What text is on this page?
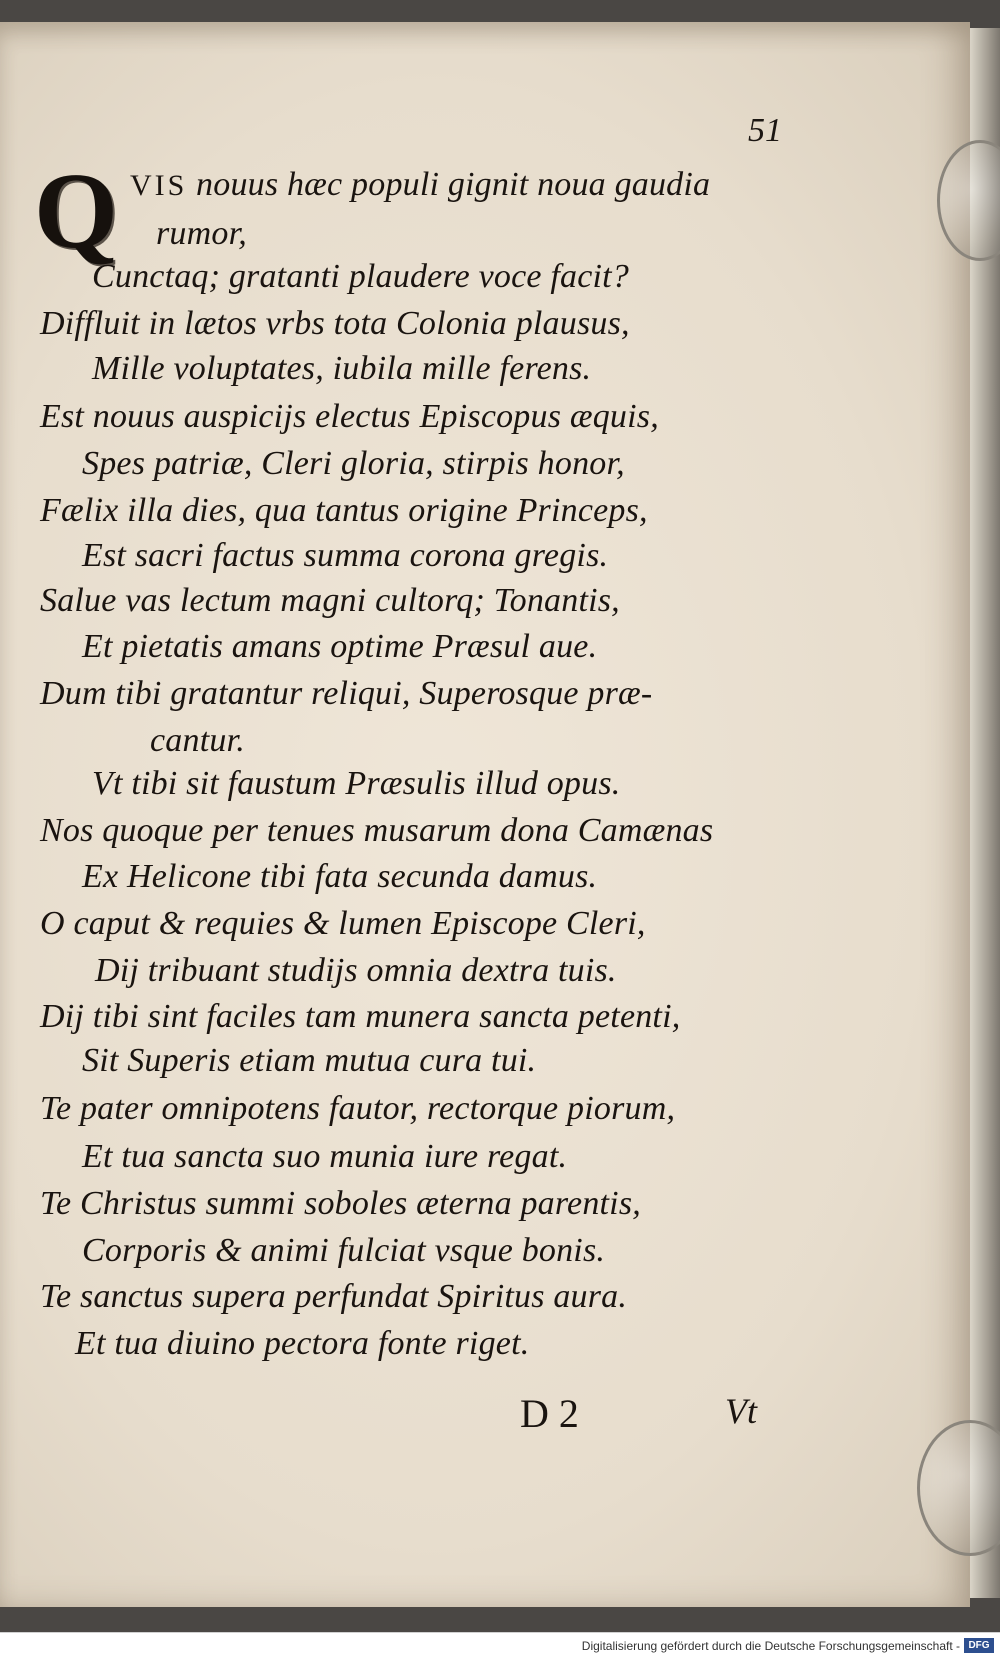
51
Q VIS nouus hæc populi gignit noua gaudia
rumor,
Cunctaq; gratanti plaudere voce facit?
Diffluit in lætos vrbs tota Colonia plausus,
Mille voluptates, iubila mille ferens.
Est nouus auspicijs electus Episcopus æquis,
Spes patriæ, Cleri gloria, stirpis honor,
Fælix illa dies, qua tantus origine Princeps,
Est sacri factus summa corona gregis.
Salue vas lectum magni cultorq; Tonantis,
Et pietatis amans optime Præsul aue.
Dum tibi gratantur reliqui, Superosque præ-
cantur.
Vt tibi sit faustum Præsulis illud opus.
Nos quoque per tenues musarum dona Camænas
Ex Helicone tibi fata secunda damus.
O caput & requies & lumen Episcope Cleri,
Dij tribuant studijs omnia dextra tuis.
Dij tibi sint faciles tam munera sancta petenti,
Sit Superis etiam mutua cura tui.
Te pater omnipotens fautor, rectorque piorum,
Et tua sancta suo munia iure regat.
Te Christus summi soboles æterna parentis,
Corporis & animi fulciat vsque bonis.
Te sanctus supera perfundat Spiritus aura.
Et tua diuino pectora fonte riget.
D 2	Vt
Digitalisierung gefördert durch die Deutsche Forschungsgemeinschaft - DFG
